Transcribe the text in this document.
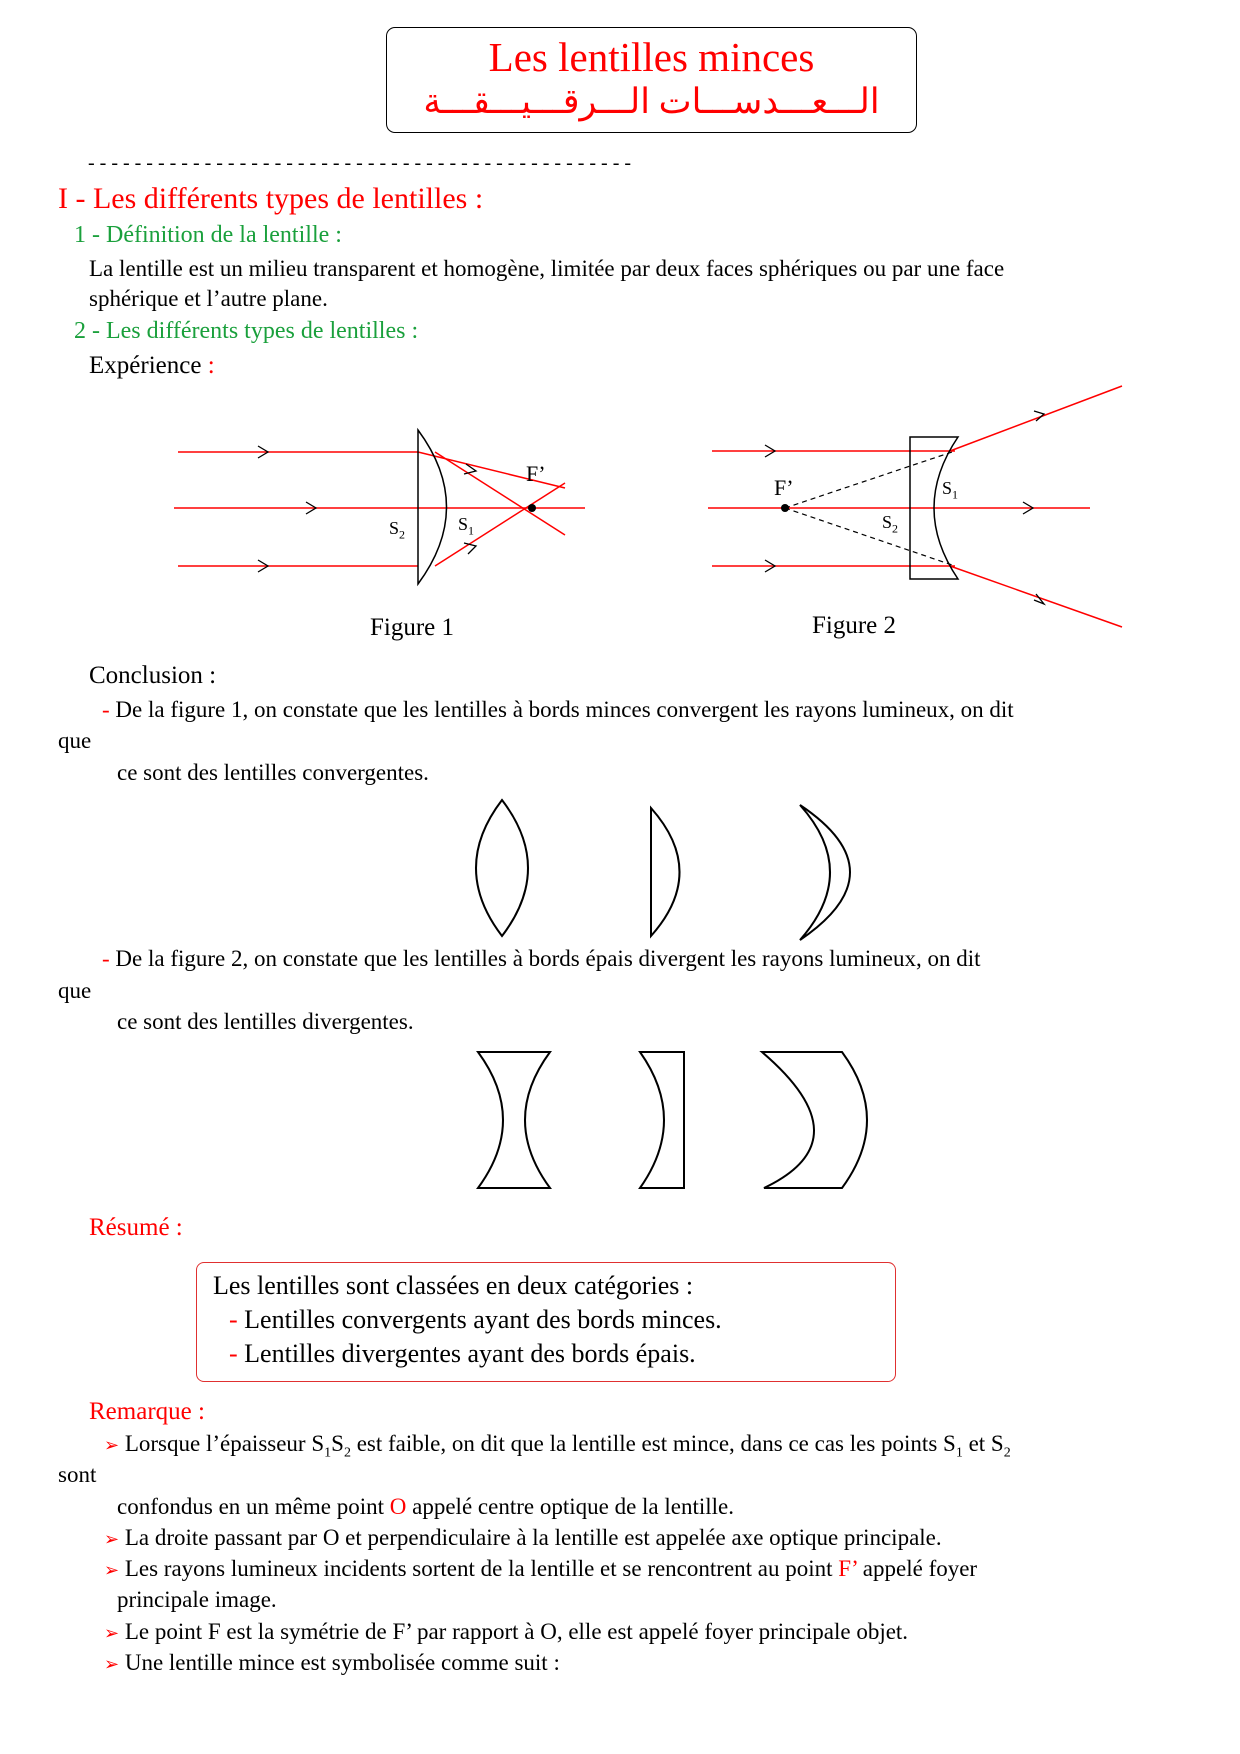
Les lentilles minces
الـــعـــدســـات الـــرقـــيـــقـــة
- - - - - - - - - - - - - - - - - - - - - - - - - - - - - - - - - - - - - - - - - - - - - - -
I - Les différents types de lentilles :
1 - Définition de la lentille :
La lentille est un milieu transparent et homogène, limitée par deux faces sphériques ou par une face
sphérique et l’autre plane.
2 - Les différents types de lentilles :
Expérience :
F’
$S_2$
$S_1$
Figure 1
F’	$S_1$
$S_2$
Figure 2
Conclusion :
- De la figure 1, on constate que les lentilles à bords minces convergent les rayons lumineux, on dit
que
ce sont des lentilles convergentes.
- De la figure 2, on constate que les lentilles à bords épais divergent les rayons lumineux, on dit
que
ce sont des lentilles divergentes.
Résumé :
Les lentilles sont classées en deux catégories :
- Lentilles convergents ayant des bords minces.
- Lentilles divergentes ayant des bords épais.
Remarque :
➢ Lorsque l’épaisseur $S_1S_2$ est faible, on dit que la lentille est mince, dans ce cas les points $S_1$ et $S_2$
sont
confondus en un même point O appelé centre optique de la lentille.
➢ La droite passant par O et perpendiculaire à la lentille est appelée axe optique principale.
➢ Les rayons lumineux incidents sortent de la lentille et se rencontrent au point F’ appelé foyer
principale image.
➢ Le point F est la symétrie de F’ par rapport à O, elle est appelé foyer principale objet.
➢ Une lentille mince est symbolisée comme suit :
